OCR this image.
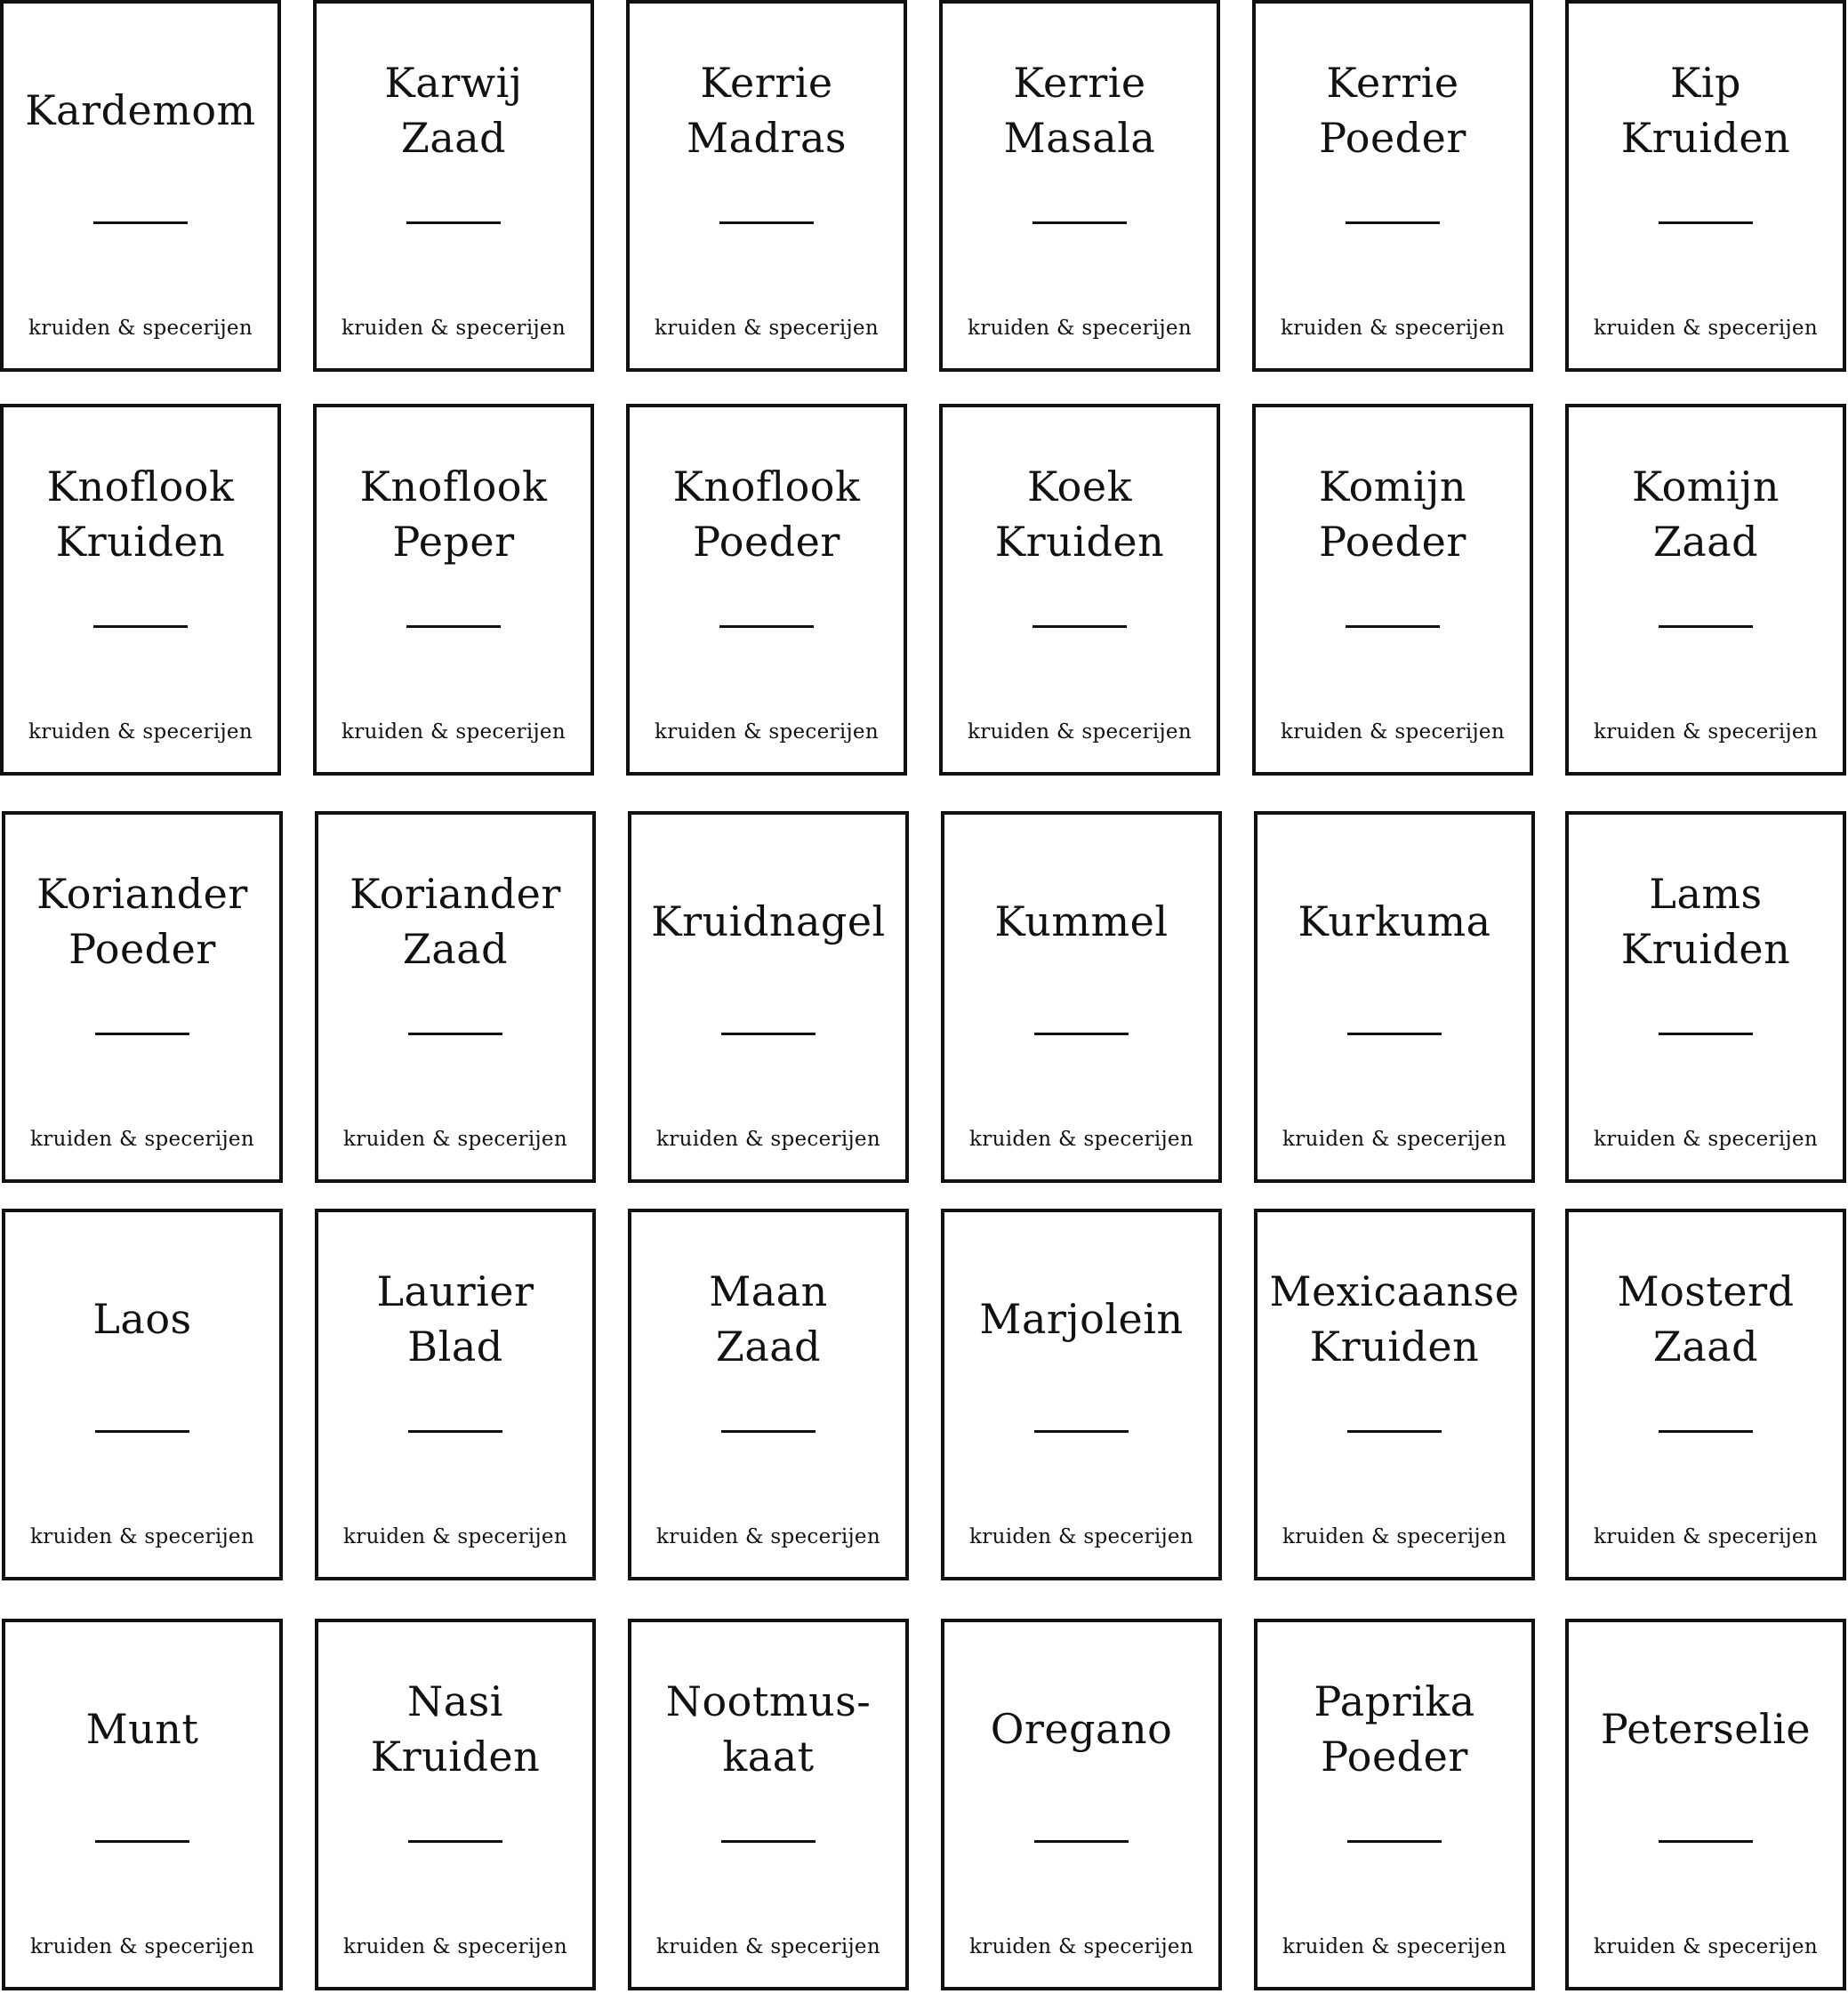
Kardemom
kruiden & specerijen
Karwij
Zaad
kruiden & specerijen
Kerrie
Madras
kruiden & specerijen
Kerrie
Masala
kruiden & specerijen
Kerrie
Poeder
kruiden & specerijen
Kip
Kruiden
kruiden & specerijen
Knoflook
Kruiden
kruiden & specerijen
Knoflook
Peper
kruiden & specerijen
Knoflook
Poeder
kruiden & specerijen
Koek
Kruiden
kruiden & specerijen
Komijn
Poeder
kruiden & specerijen
Komijn
Zaad
kruiden & specerijen
Koriander
Poeder
kruiden & specerijen
Koriander
Zaad
kruiden & specerijen
Kruidnagel
kruiden & specerijen
Kummel
kruiden & specerijen
Kurkuma
kruiden & specerijen
Lams
Kruiden
kruiden & specerijen
Laos
kruiden & specerijen
Laurier
Blad
kruiden & specerijen
Maan
Zaad
kruiden & specerijen
Marjolein
kruiden & specerijen
Mexicaanse
Kruiden
kruiden & specerijen
Mosterd
Zaad
kruiden & specerijen
Munt
kruiden & specerijen
Nasi
Kruiden
kruiden & specerijen
Nootmus-
kaat
kruiden & specerijen
Oregano
kruiden & specerijen
Paprika
Poeder
kruiden & specerijen
Peterselie
kruiden & specerijen
